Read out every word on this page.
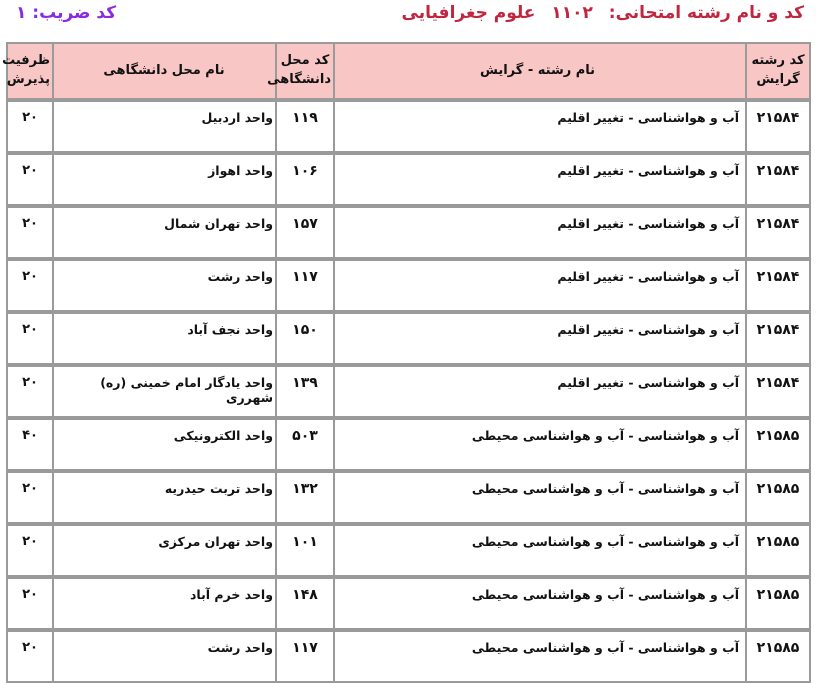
کد و نام رشته امتحانی: ۱۱۰۲ علوم جغرافیایی
کد ضریب: ۱
کد رشته گرایش	نام رشته - گرایش	کد محل دانشگاهی	نام محل دانشگاهی	ظرفیت پذیرش
۲۱۵۸۴	آب و هواشناسی - تغییر اقلیم	۱۱۹	واحد اردبیل	۲۰
۲۱۵۸۴	آب و هواشناسی - تغییر اقلیم	۱۰۶	واحد اهواز	۲۰
۲۱۵۸۴	آب و هواشناسی - تغییر اقلیم	۱۵۷	واحد تهران شمال	۲۰
۲۱۵۸۴	آب و هواشناسی - تغییر اقلیم	۱۱۷	واحد رشت	۲۰
۲۱۵۸۴	آب و هواشناسی - تغییر اقلیم	۱۵۰	واحد نجف آباد	۲۰
۲۱۵۸۴	آب و هواشناسی - تغییر اقلیم	۱۳۹	واحد یادگار امام خمینی (ره) شهرری	۲۰
۲۱۵۸۵	آب و هواشناسی - آب و هواشناسی محیطی	۵۰۳	واحد الکترونیکی	۴۰
۲۱۵۸۵	آب و هواشناسی - آب و هواشناسی محیطی	۱۳۲	واحد تربت حیدریه	۲۰
۲۱۵۸۵	آب و هواشناسی - آب و هواشناسی محیطی	۱۰۱	واحد تهران مرکزی	۲۰
۲۱۵۸۵	آب و هواشناسی - آب و هواشناسی محیطی	۱۴۸	واحد خرم آباد	۲۰
۲۱۵۸۵	آب و هواشناسی - آب و هواشناسی محیطی	۱۱۷	واحد رشت	۲۰
